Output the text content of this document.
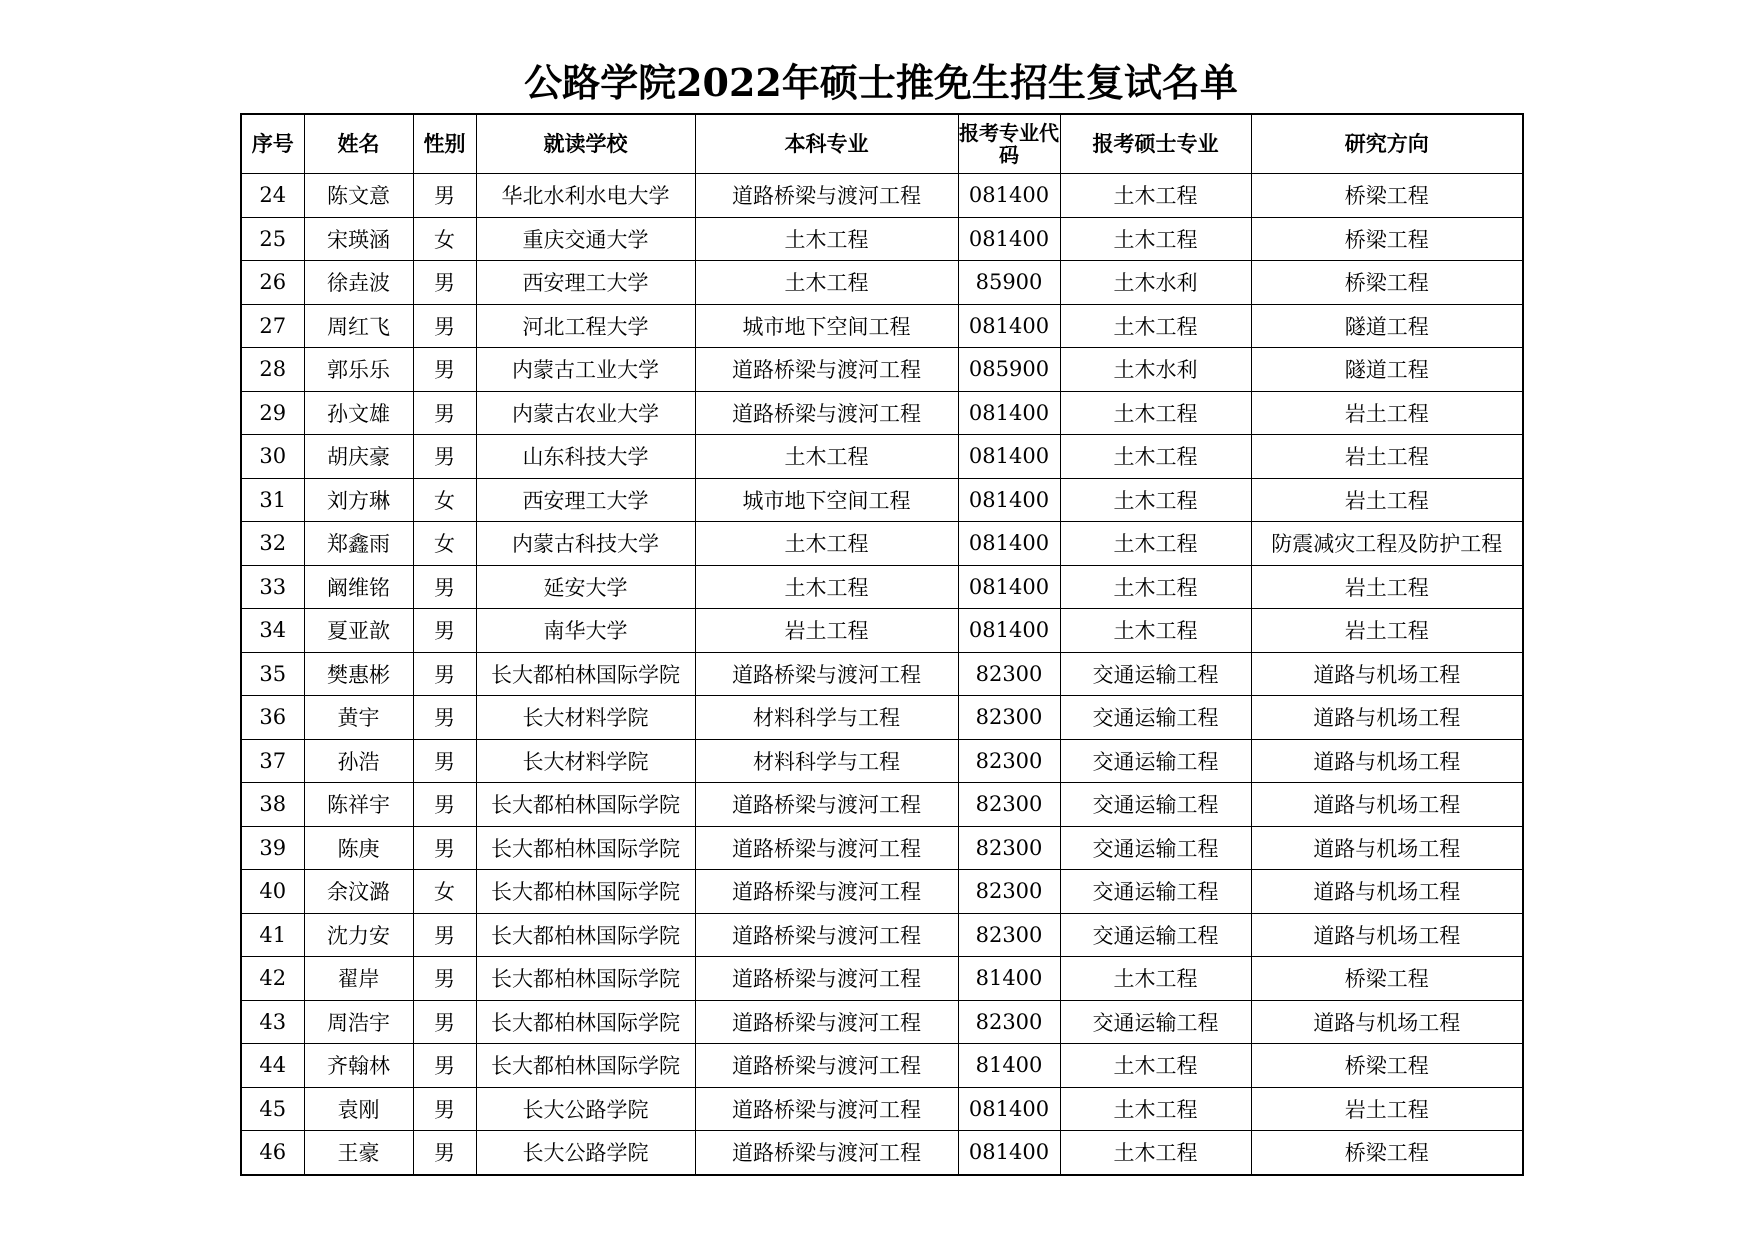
公路学院2022年硕士推免生招生复试名单
序号	姓名	性别	就读学校	本科专业	报考专业代码	报考硕士专业	研究方向
24	陈文意	男	华北水利水电大学	道路桥梁与渡河工程	081400	土木工程	桥梁工程
25	宋瑛涵	女	重庆交通大学	土木工程	081400	土木工程	桥梁工程
26	徐垚波	男	西安理工大学	土木工程	85900	土木水利	桥梁工程
27	周红飞	男	河北工程大学	城市地下空间工程	081400	土木工程	隧道工程
28	郭乐乐	男	内蒙古工业大学	道路桥梁与渡河工程	085900	土木水利	隧道工程
29	孙文雄	男	内蒙古农业大学	道路桥梁与渡河工程	081400	土木工程	岩土工程
30	胡庆豪	男	山东科技大学	土木工程	081400	土木工程	岩土工程
31	刘方琳	女	西安理工大学	城市地下空间工程	081400	土木工程	岩土工程
32	郑鑫雨	女	内蒙古科技大学	土木工程	081400	土木工程	防震减灾工程及防护工程
33	阚维铭	男	延安大学	土木工程	081400	土木工程	岩土工程
34	夏亚歆	男	南华大学	岩土工程	081400	土木工程	岩土工程
35	樊惠彬	男	长大都柏林国际学院	道路桥梁与渡河工程	82300	交通运输工程	道路与机场工程
36	黄宇	男	长大材料学院	材料科学与工程	82300	交通运输工程	道路与机场工程
37	孙浩	男	长大材料学院	材料科学与工程	82300	交通运输工程	道路与机场工程
38	陈祥宇	男	长大都柏林国际学院	道路桥梁与渡河工程	82300	交通运输工程	道路与机场工程
39	陈庚	男	长大都柏林国际学院	道路桥梁与渡河工程	82300	交通运输工程	道路与机场工程
40	余汶潞	女	长大都柏林国际学院	道路桥梁与渡河工程	82300	交通运输工程	道路与机场工程
41	沈力安	男	长大都柏林国际学院	道路桥梁与渡河工程	82300	交通运输工程	道路与机场工程
42	翟岸	男	长大都柏林国际学院	道路桥梁与渡河工程	81400	土木工程	桥梁工程
43	周浩宇	男	长大都柏林国际学院	道路桥梁与渡河工程	82300	交通运输工程	道路与机场工程
44	齐翰林	男	长大都柏林国际学院	道路桥梁与渡河工程	81400	土木工程	桥梁工程
45	袁刚	男	长大公路学院	道路桥梁与渡河工程	081400	土木工程	岩土工程
46	王豪	男	长大公路学院	道路桥梁与渡河工程	081400	土木工程	桥梁工程
